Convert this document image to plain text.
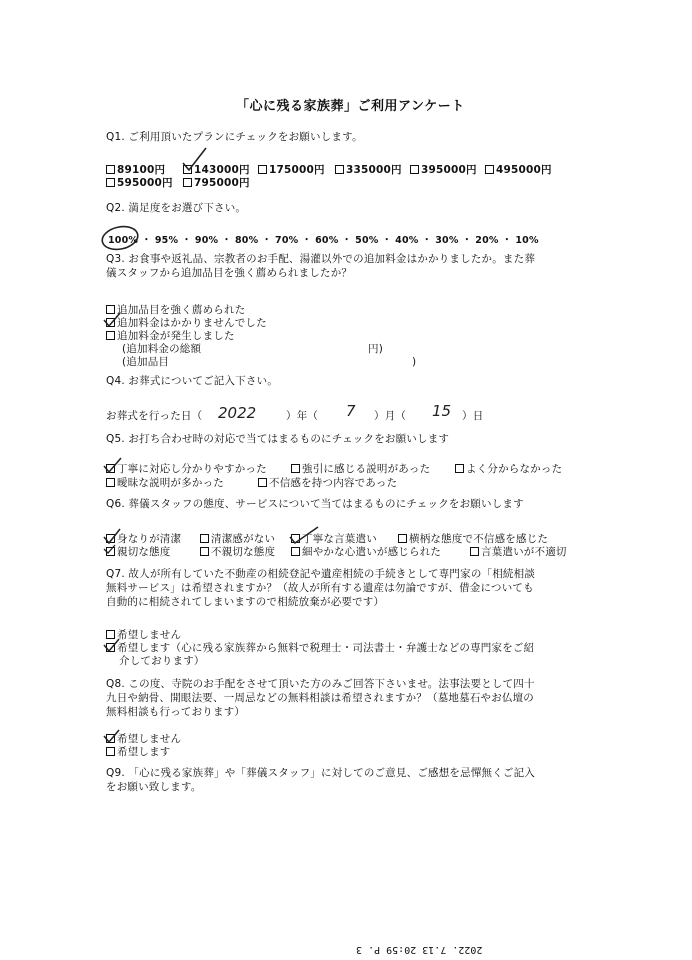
「心に残る家族葬」ご利用アンケート
Q1. ご利用頂いたプランにチェックをお願いします。
89100円	143000円	175000円	335000円	395000円	495000円
595000円	795000円
Q2. 満足度をお選び下さい。
100% ・ 95% ・ 90% ・ 80% ・ 70% ・ 60% ・ 50% ・ 40% ・ 30% ・ 20% ・ 10%
Q3. お食事や返礼品、宗教者のお手配、湯灌以外での追加料金はかかりましたか。また葬
儀スタッフから追加品目を強く薦められましたか？
追加品目を強く薦められた
追加料金はかかりませんでした
追加料金が発生しました
(追加料金の総額	円)
(追加品目	)
Q4. お葬式についてご記入下さい。
お葬式を行った日（ 2022	）年（ 7 ）月（ 15 ）日
Q5. お打ち合わせ時の対応で当てはまるものにチェックをお願いします
丁寧に対応し分かりやすかった	強引に感じる説明があった	よく分からなかった
曖昧な説明が多かった	不信感を持つ内容であった
Q6. 葬儀スタッフの態度、サービスについて当てはまるものにチェックをお願いします
身なりが清潔	清潔感がない	丁寧な言葉遣い	横柄な態度で不信感を感じた
親切な態度	不親切な態度	細やかな心遣いが感じられた	言葉遣いが不適切
Q7. 故人が所有していた不動産の相続登記や遺産相続の手続きとして専門家の「相続相談
無料サービス」は希望されますか？（故人が所有する遺産は勿論ですが、借金についても
自動的に相続されてしまいますので相続放棄が必要です）
希望しません
希望します（心に残る家族葬から無料で税理士・司法書士・弁護士などの専門家をご紹
介しております）
Q8. この度、寺院のお手配をさせて頂いた方のみご回答下さいませ。法事法要として四十
九日や納骨、開眼法要、一周忌などの無料相談は希望されますか？（墓地墓石やお仏壇の
無料相談も行っております）
希望しません
希望します
Q9. 「心に残る家族葬」や「葬儀スタッフ」に対してのご意見、ご感想を忌憚無くご記入
をお願い致します。
2022. 7.13 20:59 P. 3
